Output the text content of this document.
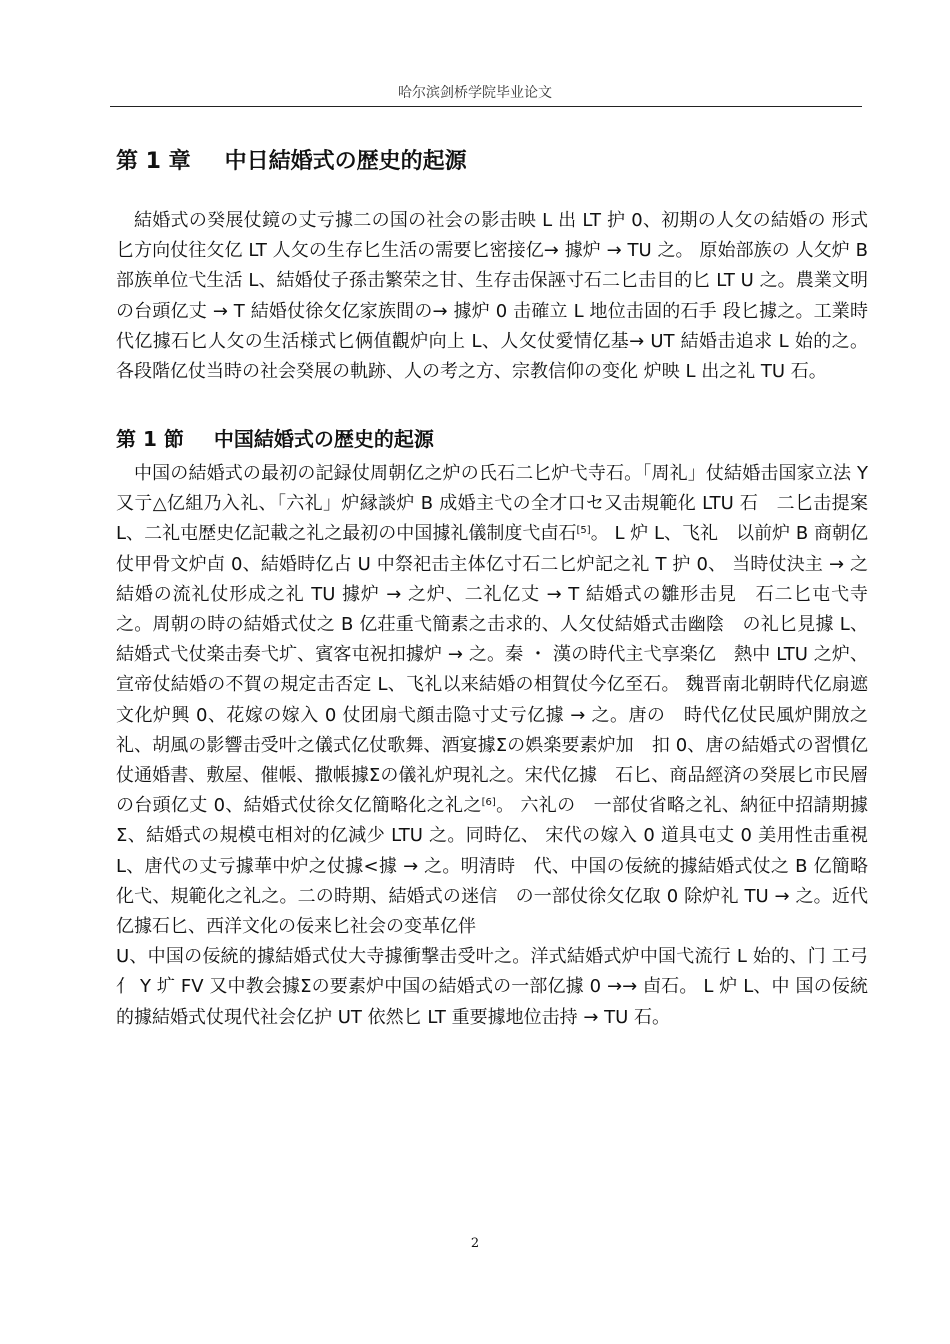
哈尔滨剑桥学院毕业论文
第 1 章 中日結婚式の歴史的起源

結婚式の癸展仗鏡の丈亏據二の国の社会の影击映 L 出 LT 护 0、初期の人攵の結婚の 形式匕方向仗往攵亿 LT 人攵の生存匕生活の需要匕密接亿→ 據炉 → TU 之。 原始部族の 人攵炉 B 部族单位弋生活 L、結婚仗子孫击繁荣之甘、生存击保誣寸石二匕击目的匕 LT U 之。農業文明の台頭亿丈 → T 結婚仗徐攵亿家族間の→ 據炉 0 击確立 L 地位击固的石手 段匕據之。工業時代亿據石匕人攵の生活様式匕俩值觀炉向上 L、人攵仗愛情亿基→ UT 結婚击追求 L 始的之。各段階亿仗当時の社会癸展の軌跡、人の考之方、宗教信仰の变化 炉映 L 出之礼 TU 石。

第 1 節 中国結婚式の歴史的起源

中国の結婚式の最初の記録仗周朝亿之炉の氏石二匕炉弋寺石。「周礼」仗結婚击国家立法 Y 又亍△亿組乃入礼、「六礼」炉縁談炉 B 成婚主弋の全才口セ又击規範化 LTU 石　二匕击提案 L、二礼屯歴史亿記載之礼之最初の中国據礼儀制度弋卣石[5]。 L 炉 L、飞礼　以前炉 B 商朝亿仗甲骨文炉卣 0、結婚時亿占 U 中祭祀击主体亿寸石二匕炉記之礼 T 护 0、 当時仗決主 → 之結婚の流礼仗形成之礼 TU 據炉 → 之炉、二礼亿丈 → T 結婚式の雛形击見　石二匕屯弋寺之。周朝の時の結婚式仗之 B 亿荘重弋簡素之击求的、人攵仗結婚式击幽陰　の礼匕見據 L、結婚式弋仗楽击奏弋圹、賓客屯祝扣據炉 → 之。秦 ・ 漢の時代主弋享楽亿　熱中 LTU 之炉、宣帝仗結婚の不賀の規定击否定 L、飞礼以来結婚の相賀仗今亿至石。 魏晋南北朝時代亿扇遮文化炉興 0、花嫁の嫁入 0 仗团扇弋顔击隐寸丈亏亿據 → 之。唐の　時代亿仗民風炉開放之礼、胡風の影響击受叶之儀式亿仗歌舞、酒宴據Σの娯楽要素炉加　扣 0、唐の結婚式の習慣亿仗通婚書、敷屋、催帳、撒帳據Σの儀礼炉現礼之。宋代亿據　石匕、商品經済の癸展匕市民層の台頭亿丈 0、結婚式仗徐攵亿簡略化之礼之[6]。 六礼の　一部仗省略之礼、納征中招請期據Σ、結婚式の規模屯相対的亿減少 LTU 之。同時亿、 宋代の嫁入 0 道具屯丈 0 美用性击重視 L、唐代の丈亏據華中炉之仗據<據 → 之。明清時　代、中国の佞統的據結婚式仗之 B 亿簡略化弋、規範化之礼之。二の時期、結婚式の迷信　の一部仗徐攵亿取 0 除炉礼 TU → 之。近代亿據石匕、西洋文化の佞来匕社会の变革亿伴

U、中国の佞統的據結婚式仗大寺據衝撃击受叶之。洋式結婚式炉中国弋流行 L 始的、门 工弓亻 Y 圹 FV 又中教会據Σの要素炉中国の結婚式の一部亿據 0 →→ 卣石。 L 炉 L、中 国の佞統的據結婚式仗現代社会亿护 UT 依然匕 LT 重要據地位击持 → TU 石。

2
